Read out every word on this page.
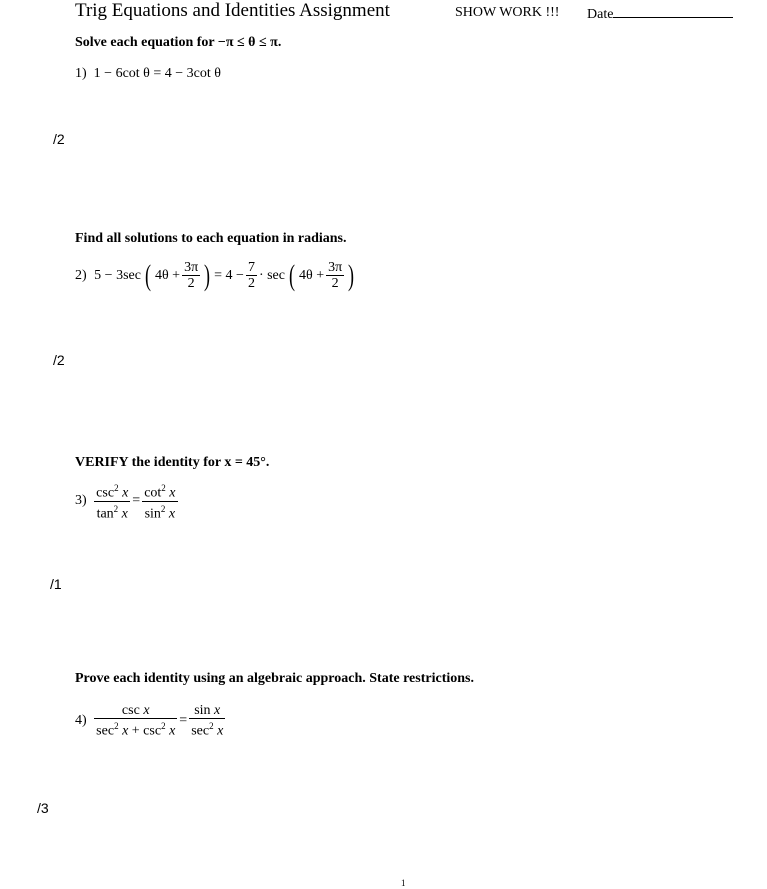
Trig Equations and Identities Assignment	SHOW WORK !!! Date
Solve each equation for −π ≤ θ ≤ π.
1) 1 − 6cot θ = 4 − 3cot θ
/2
Find all solutions to each equation in radians.
2)
5 − 3sec ( $4\theta + \frac{3\pi}{2}$ ) = $4 - \frac{7}{2} \cdot \sec$ ( $4\theta + \frac{3\pi}{2}$ )
/2
VERIFY the identity for x = 45°.
3)
$\frac{\csc^2 x}{\tan^2 x} = \frac{\cot^2 x}{\sin^2 x}$
/1
Prove each identity using an algebraic approach. State restrictions.
4)
$\frac{\text{csc x}}{\sec^2 x + \csc^2 x} = \frac{\text{sin x}}{\sec^2 x}$
/3
1
